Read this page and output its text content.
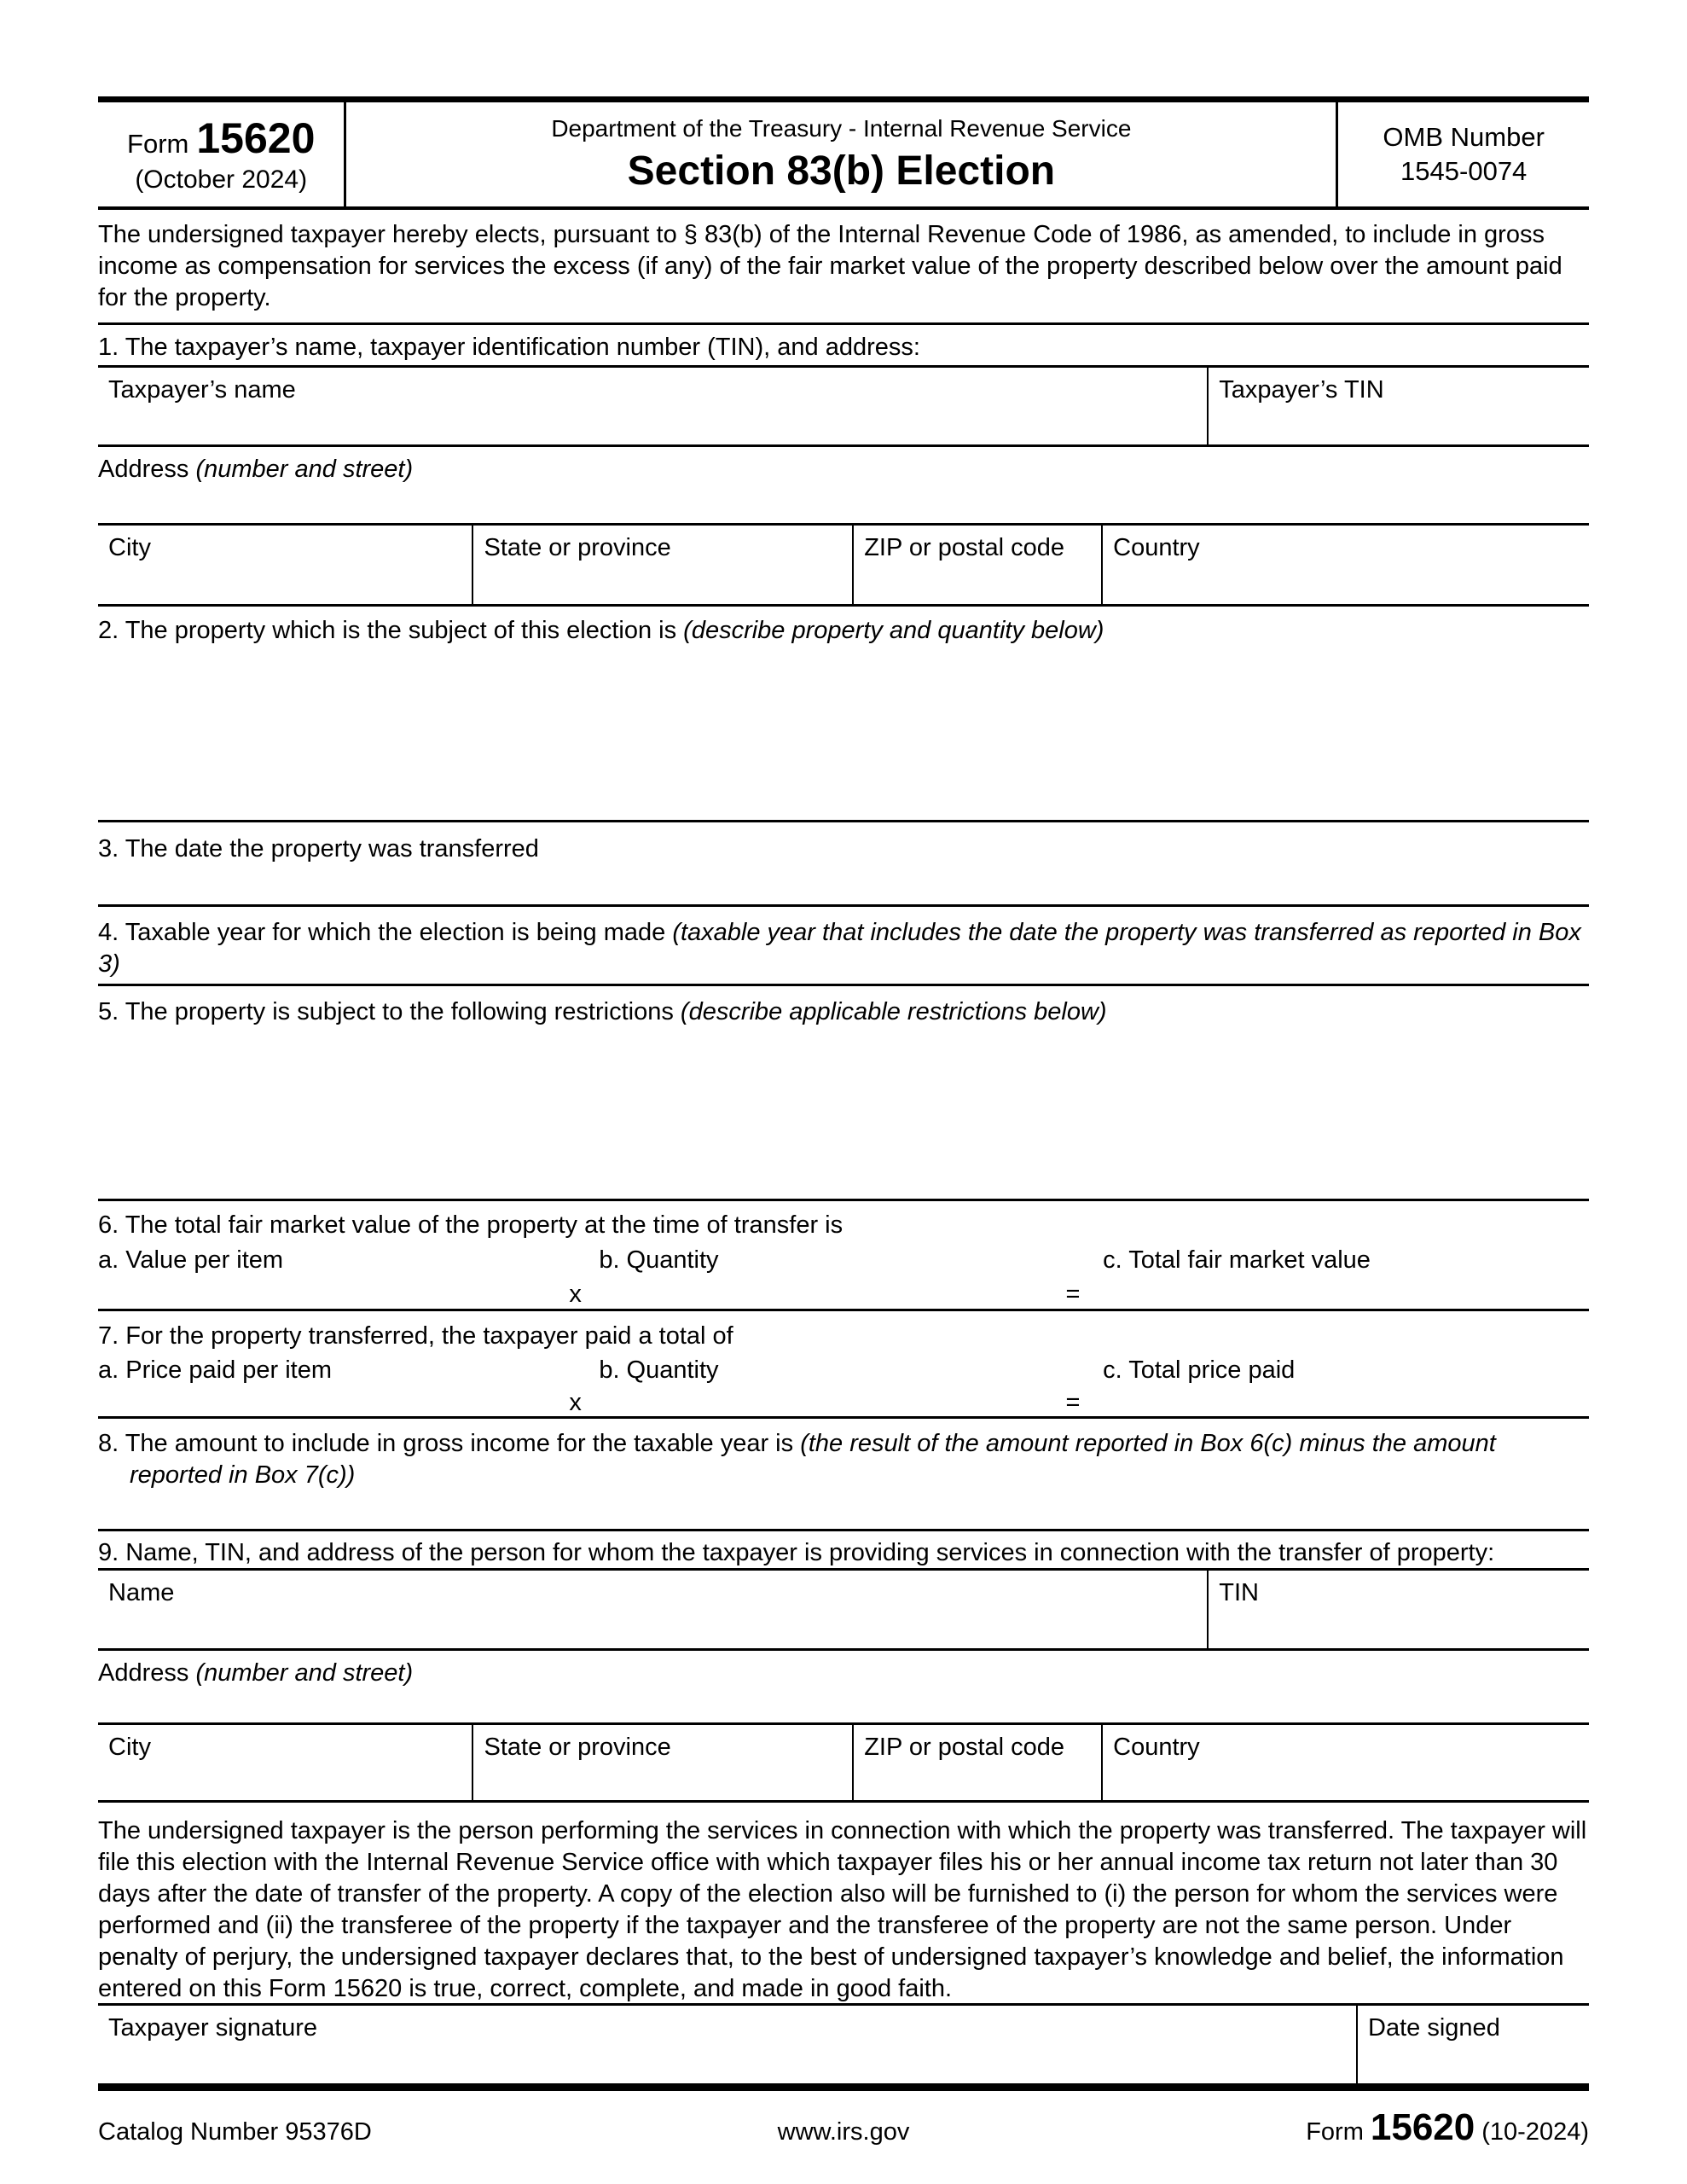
Form 15620
(October 2024)
Department of the Treasury - Internal Revenue Service
Section 83(b) Election
OMB Number
1545-0074
The undersigned taxpayer hereby elects, pursuant to § 83(b) of the Internal Revenue Code of 1986, as amended, to include in gross income as compensation for services the excess (if any) of the fair market value of the property described below over the amount paid for the property.
1. The taxpayer’s name, taxpayer identification number (TIN), and address:
Taxpayer’s name	Taxpayer’s TIN
Address (number and street)
City	State or province	ZIP or postal code	Country
2. The property which is the subject of this election is (describe property and quantity below)
3. The date the property was transferred
4. Taxable year for which the election is being made (taxable year that includes the date the property was transferred as reported in Box 3)
5. The property is subject to the following restrictions (describe applicable restrictions below)
6. The total fair market value of the property at the time of transfer is
a. Value per item	b. Quantity	c. Total fair market value
x	=
7. For the property transferred, the taxpayer paid a total of
a. Price paid per item	b. Quantity	c. Total price paid
x	=
8. The amount to include in gross income for the taxable year is (the result of the amount reported in Box 6(c) minus the amount reported in Box 7(c))
9. Name, TIN, and address of the person for whom the taxpayer is providing services in connection with the transfer of property:
Name	TIN
Address (number and street)
City	State or province	ZIP or postal code	Country
The undersigned taxpayer is the person performing the services in connection with which the property was transferred. The taxpayer will file this election with the Internal Revenue Service office with which taxpayer files his or her annual income tax return not later than 30 days after the date of transfer of the property. A copy of the election also will be furnished to (i) the person for whom the services were performed and (ii) the transferee of the property if the taxpayer and the transferee of the property are not the same person. Under penalty of perjury, the undersigned taxpayer declares that, to the best of undersigned taxpayer’s knowledge and belief, the information entered on this Form 15620 is true, correct, complete, and made in good faith.
Taxpayer signature	Date signed
Catalog Number 95376D	www.irs.gov	Form 15620 (10-2024)
